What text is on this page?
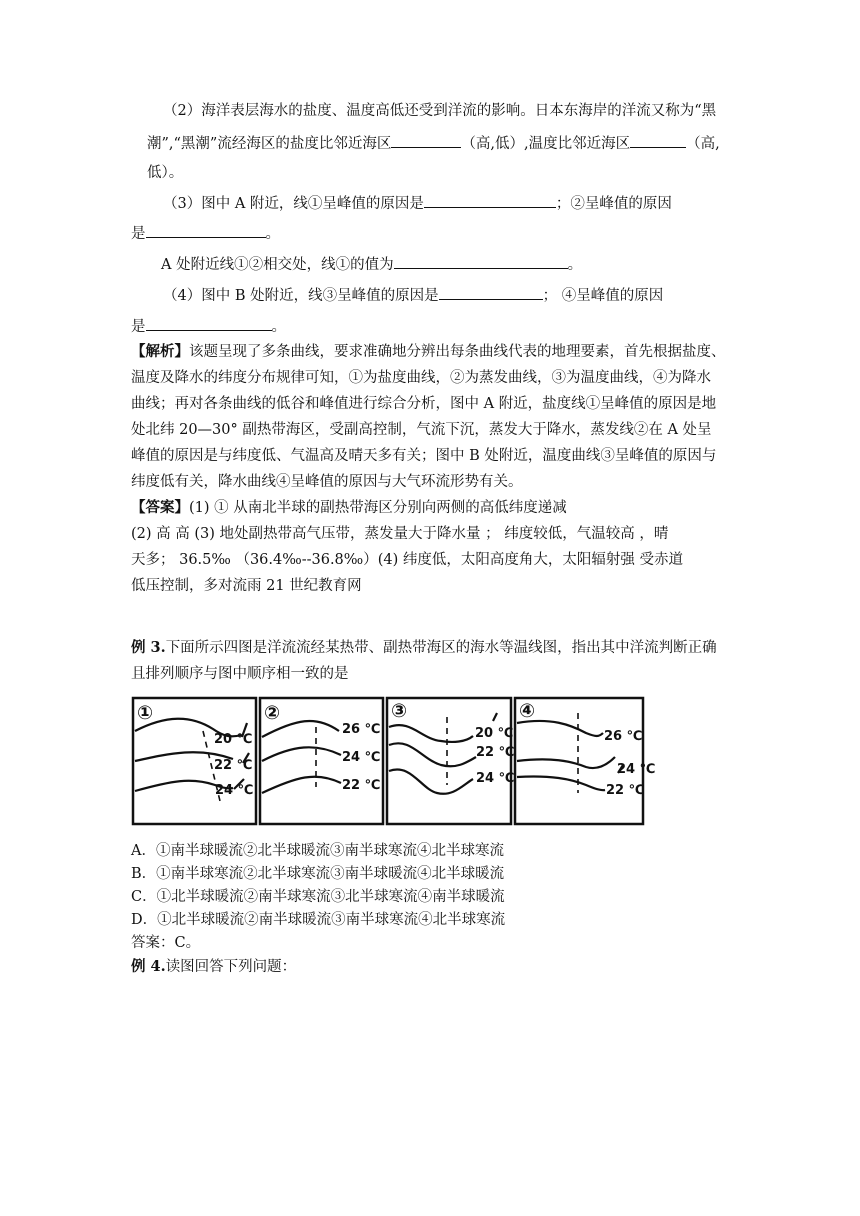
（2）海洋表层海水的盐度、温度高低还受到洋流的影响。日本东海岸的洋流又称为“黑
潮”,“黑潮”流经海区的盐度比邻近海区	（高,低）,温度比邻近海区	（高,
低）。
（3）图中 A 附近，线①呈峰值的原因是	；②呈峰值的原因
是	。
A 处附近线①②相交处，线①的值为	。
（4）图中 B 处附近，线③呈峰值的原因是	； ④呈峰值的原因
是	。
【解析】该题呈现了多条曲线，要求准确地分辨出每条曲线代表的地理要素，首先根据盐度、
温度及降水的纬度分布规律可知，①为盐度曲线，②为蒸发曲线，③为温度曲线，④为降水
曲线；再对各条曲线的低谷和峰值进行综合分析，图中 A 附近，盐度线①呈峰值的原因是地
处北纬 20—30° 副热带海区，受副高控制，气流下沉，蒸发大于降水，蒸发线②在 A 处呈
峰值的原因是与纬度低、气温高及晴天多有关；图中 B 处附近，温度曲线③呈峰值的原因与
纬度低有关，降水曲线④呈峰值的原因与大气环流形势有关。
【答案】(1) ① 从南北半球的副热带海区分别向两侧的高低纬度递减
(2) 高 高 (3) 地处副热带高气压带，蒸发量大于降水量 ； 纬度较低，气温较高 ，晴
天多； 36.5‰ （36.4‰--36.8‰）(4) 纬度低，太阳高度角大，太阳辐射强 受赤道
低压控制，多对流雨 21 世纪教育网
例 3.下面所示四图是洋流流经某热带、副热带海区的海水等温线图，指出其中洋流判断正确
且排列顺序与图中顺序相一致的是
①
20 ℃
22 ℃
24 ℃
②
26 ℃
24 ℃
22 ℃
③
20 ℃
22 ℃
24 ℃
④
26 ℃
24 ℃
22 ℃
A．①南半球暖流②北半球暖流③南半球寒流④北半球寒流
B．①南半球寒流②北半球寒流③南半球暖流④北半球暖流
C．①北半球暖流②南半球寒流③北半球寒流④南半球暖流
D．①北半球暖流②南半球暖流③南半球寒流④北半球寒流
答案：C。
例 4.读图回答下列问题：
